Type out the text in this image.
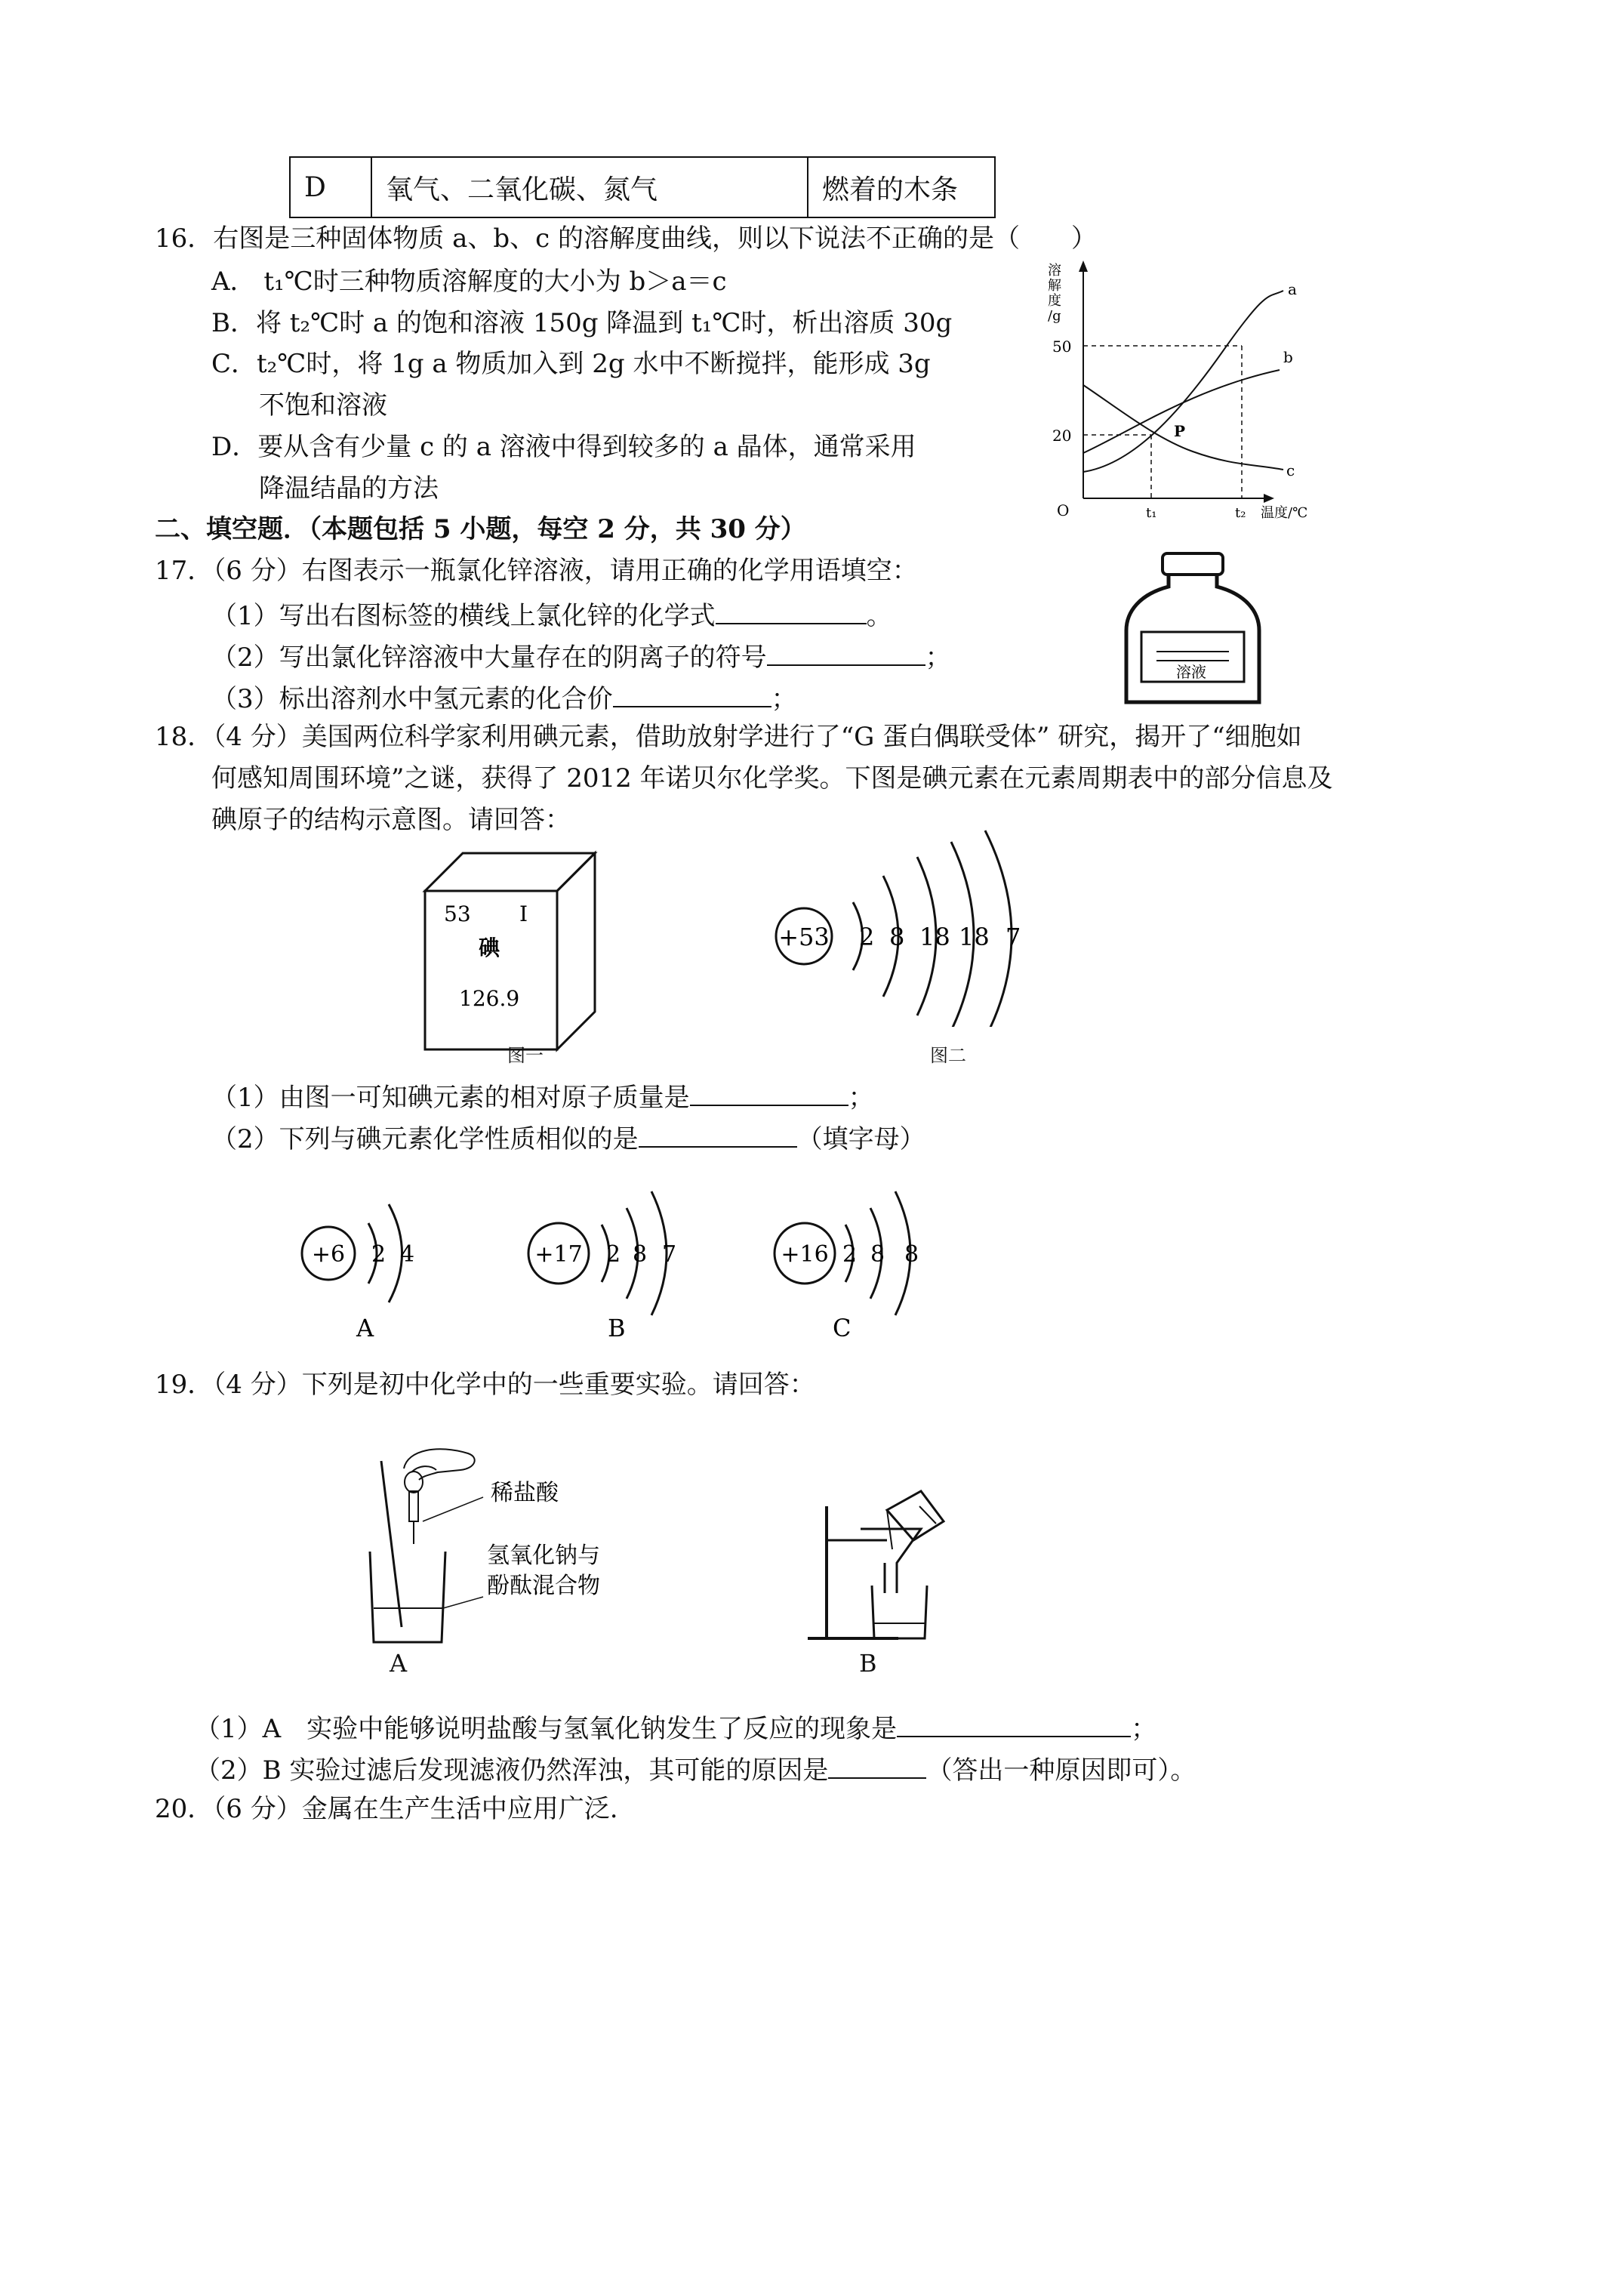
D	氧气、二氧化碳、氮气	燃着的木条
16．右图是三种固体物质 a、b、c 的溶解度曲线，则以下说法不正确的是（　　）
A． t₁℃时三种物质溶解度的大小为 b＞a＝c
B．将 t₂℃时 a 的饱和溶液 150g 降温到 t₁℃时，析出溶质 30g
C．t₂℃时，将 1g a 物质加入到 2g 水中不断搅拌，能形成 3g
不饱和溶液
D．要从含有少量 c 的 a 溶液中得到较多的 a 晶体，通常采用
降温结晶的方法
溶解度/g
50
20
O	t₁	t₂ 温度/℃
a
b
c
P
二、填空题．（本题包括 5 小题，每空 2 分，共 30 分）
17．（6 分）右图表示一瓶氯化锌溶液，请用正确的化学用语填空：
（1）写出右图标签的横线上氯化锌的化学式	。
（2）写出氯化锌溶液中大量存在的阴离子的符号	；
（3）标出溶剂水中氢元素的化合价	；
溶液
18．（4 分）美国两位科学家利用碘元素，借助放射学进行了“G 蛋白偶联受体” 研究，揭开了“细胞如
何感知周围环境”之谜，获得了 2012 年诺贝尔化学奖。下图是碘元素在元素周期表中的部分信息及
碘原子的结构示意图。请回答：
53 I
碘
126.9
图一
+53 2 8 18 18 7
图二
（1）由图一可知碘元素的相对原子质量是	；
（2）下列与碘元素化学性质相似的是	（填字母）
+6 2 4
A
+17 2 8 7
B
+16 2 8 8
C
19．（4 分）下列是初中化学中的一些重要实验。请回答：
稀盐酸
氢氧化钠与
酚酞混合物
A	B
（1）A　实验中能够说明盐酸与氢氧化钠发生了反应的现象是	；
（2）B 实验过滤后发现滤液仍然浑浊，其可能的原因是	（答出一种原因即可）。
20．（6 分）金属在生产生活中应用广泛.
